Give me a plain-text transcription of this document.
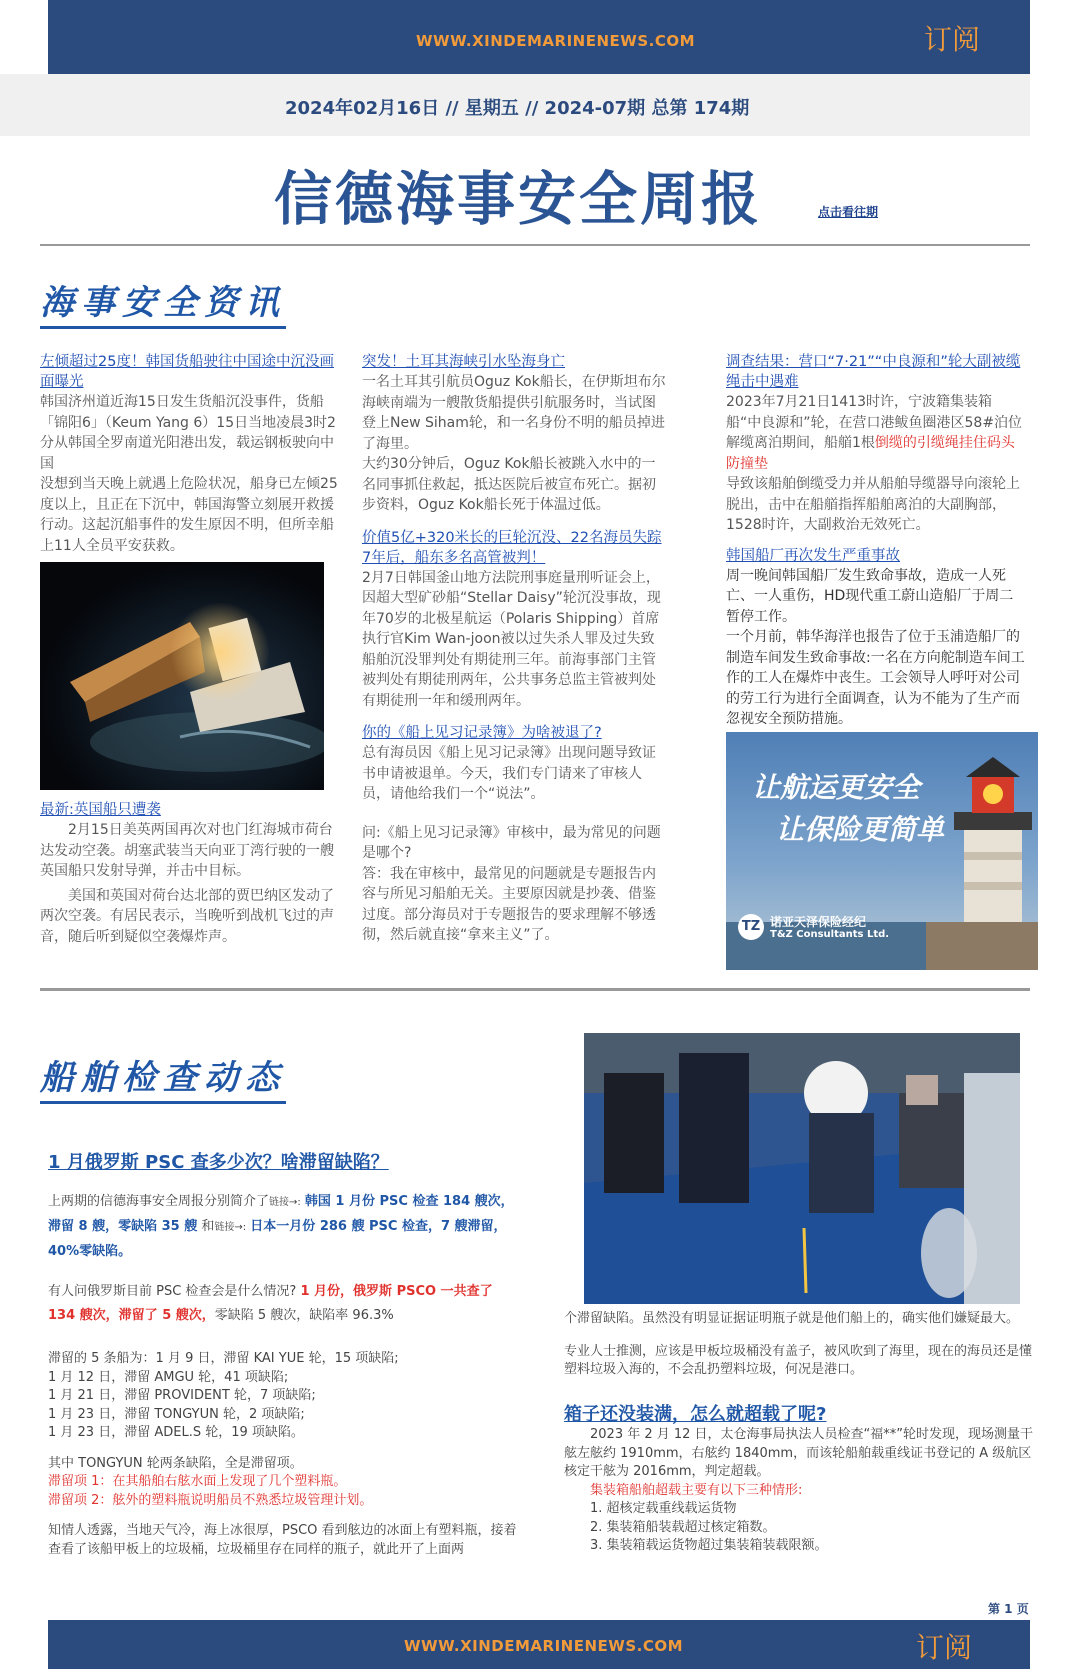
WWW.XINDEMARINENEWS.COM	订阅
2024年02月16日 // 星期五 // 2024-07期 总第 174期
信德海事安全周报	点击看往期
海事安全资讯
左倾超过25度！韩国货船驶往中国途中沉没画面曝光
韩国济州道近海15日发生货船沉没事件，货船「锦阳6」（Keum Yang 6）15日当地凌晨3时2分从韩国全罗南道光阳港出发，载运钢板驶向中国
没想到当天晚上就遇上危险状况，船身已左倾25度以上，且正在下沉中，韩国海警立刻展开救援行动。这起沉船事件的发生原因不明，但所幸船上11人全员平安获救。
最新:英国船只遭袭
2月15日美英两国再次对也门红海城市荷台达发动空袭。胡塞武装当天向亚丁湾行驶的一艘英国船只发射导弹，并击中目标。
美国和英国对荷台达北部的贾巴纳区发动了两次空袭。有居民表示，当晚听到战机飞过的声音，随后听到疑似空袭爆炸声。
突发！土耳其海峡引水坠海身亡
一名土耳其引航员Oguz Kok船长，在伊斯坦布尔海峡南端为一艘散货船提供引航服务时，当试图登上New Siham轮，和一名身份不明的船员掉进了海里。
大约30分钟后，Oguz Kok船长被跳入水中的一名同事抓住救起，抵达医院后被宣布死亡。据初步资料，Oguz Kok船长死于体温过低。
价值5亿+320米长的巨轮沉没、22名海员失踪7年后，船东多名高管被判！
2月7日韩国釜山地方法院刑事庭量刑听证会上，因超大型矿砂船“Stellar Daisy”轮沉没事故，现年70岁的北极星航运（Polaris Shipping）首席执行官Kim Wan-joon被以过失杀人罪及过失致船舶沉没罪判处有期徒刑三年。前海事部门主管被判处有期徒刑两年，公共事务总监主管被判处有期徒刑一年和缓刑两年。
你的《船上见习记录簿》为啥被退了?
总有海员因《船上见习记录簿》出现问题导致证书申请被退单。今天，我们专门请来了审核人员，请他给我们一个“说法”。
问:《船上见习记录簿》审核中，最为常见的问题是哪个?
答：我在审核中，最常见的问题就是专题报告内容与所见习船舶无关。主要原因就是抄袭、借鉴过度。部分海员对于专题报告的要求理解不够透彻，然后就直接“拿来主义”了。
调查结果：营口“7·21”“中良源和”轮大副被缆绳击中遇难
2023年7月21日1413时许，宁波籍集装箱船“中良源和”轮，在营口港鲅鱼圈港区58#泊位解缆离泊期间，船艏1根倒缆的引缆绳挂住码头防撞垫
导致该船舶倒缆受力并从船舶导缆器导向滚轮上脱出，击中在船艏指挥船舶离泊的大副胸部，1528时许，大副救治无效死亡。
韩国船厂再次发生严重事故
周一晚间韩国船厂发生致命事故，造成一人死亡、一人重伤，HD现代重工蔚山造船厂于周二暂停工作。
一个月前，韩华海洋也报告了位于玉浦造船厂的制造车间发生致命事故:一名在方向舵制造车间工作的工人在爆炸中丧生。工会领导人呼吁对公司的劳工行为进行全面调查，认为不能为了生产而忽视安全预防措施。
让航运更安全
让保险更简单
TZ 诺亚天泽保险经纪
T&Z Consultants Ltd.
船舶检查动态
1 月俄罗斯 PSC 查多少次？啥滞留缺陷？
上两期的信德海事安全周报分别简介了链接→: 韩国 1 月份 PSC 检查 184 艘次，滞留 8 艘，零缺陷 35 艘 和链接→: 日本一月份 286 艘 PSC 检查，7 艘滞留，40%零缺陷。
有人问俄罗斯目前 PSC 检查会是什么情况? 1 月份，俄罗斯 PSCO 一共查了 134 艘次，滞留了 5 艘次，零缺陷 5 艘次，缺陷率 96.3%
滞留的 5 条船为：1 月 9 日，滞留 KAI YUE 轮，15 项缺陷;
1 月 12 日，滞留 AMGU 轮，41 项缺陷;
1 月 21 日，滞留 PROVIDENT 轮，7 项缺陷;
1 月 23 日，滞留 TONGYUN 轮，2 项缺陷;
1 月 23 日，滞留 ADEL.S 轮，19 项缺陷。
其中 TONGYUN 轮两条缺陷，全是滞留项。
滞留项 1：在其船舶右舷水面上发现了几个塑料瓶。
滞留项 2：舷外的塑料瓶说明船员不熟悉垃圾管理计划。
知情人透露，当地天气冷，海上冰很厚，PSCO 看到舷边的冰面上有塑料瓶，接着查看了该船甲板上的垃圾桶，垃圾桶里存在同样的瓶子，就此开了上面两
个滞留缺陷。虽然没有明显证据证明瓶子就是他们船上的，确实他们嫌疑最大。
专业人士推测，应该是甲板垃圾桶没有盖子，被风吹到了海里，现在的海员还是懂塑料垃圾入海的，不会乱扔塑料垃圾，何况是港口。
箱子还没装满，怎么就超载了呢?
2023 年 2 月 12 日，太仓海事局执法人员检查“福**”轮时发现，现场测量干舷左舷约 1910mm，右舷约 1840mm，而该轮船舶载重线证书登记的 A 级航区核定干舷为 2016mm，判定超载。
集装箱船舶超载主要有以下三种情形:
1. 超核定载重线载运货物
2. 集装箱船装载超过核定箱数。
3. 集装箱载运货物超过集装箱装载限额。
第 1 页
WWW.XINDEMARINENEWS.COM	订阅
